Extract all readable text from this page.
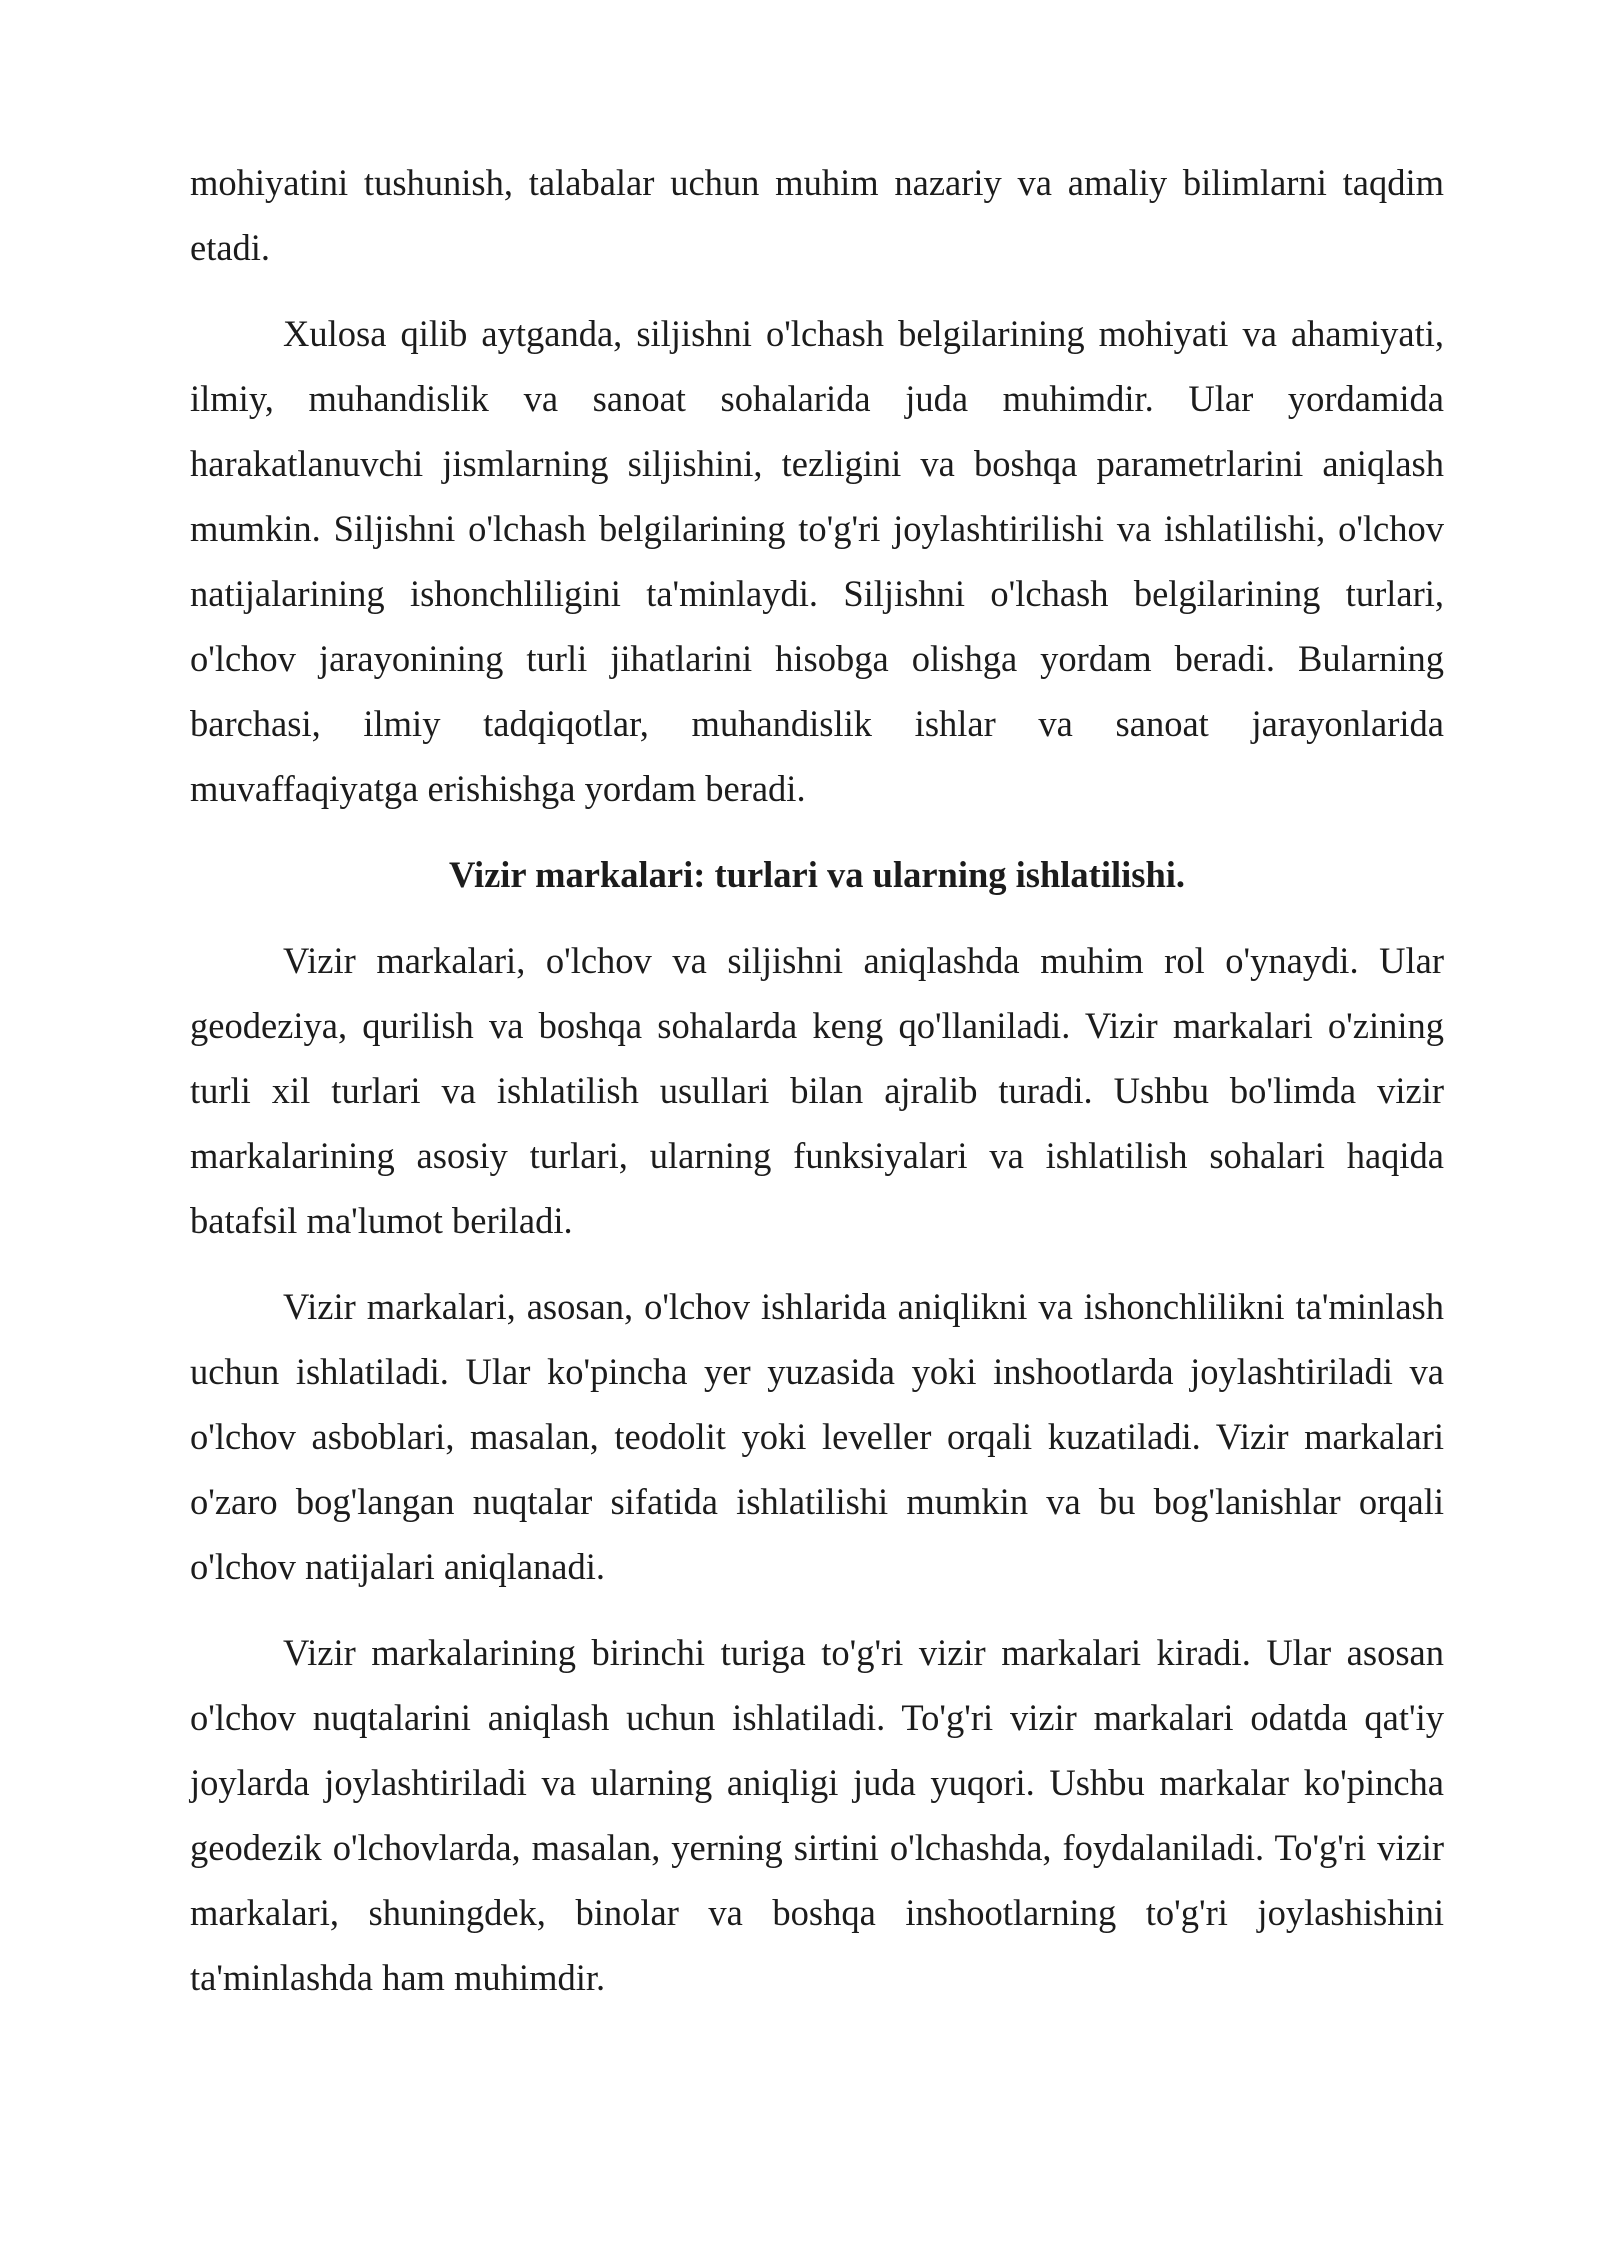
mohiyatini tushunish, talabalar uchun muhim nazariy va amaliy bilimlarni taqdim etadi.

Xulosa qilib aytganda, siljishni o'lchash belgilarining mohiyati va ahamiyati, ilmiy, muhandislik va sanoat sohalarida juda muhimdir. Ular yordamida harakatlanuvchi jismlarning siljishini, tezligini va boshqa parametrlarini aniqlash mumkin. Siljishni o'lchash belgilarining to'g'ri joylashtirilishi va ishlatilishi, o'lchov natijalarining ishonchliligini ta'minlaydi. Siljishni o'lchash belgilarining turlari, o'lchov jarayonining turli jihatlarini hisobga olishga yordam beradi. Bularning barchasi, ilmiy tadqiqotlar, muhandislik ishlar va sanoat jarayonlarida muvaffaqiyatga erishishga yordam beradi.

Vizir markalari: turlari va ularning ishlatilishi.

Vizir markalari, o'lchov va siljishni aniqlashda muhim rol o'ynaydi. Ular geodeziya, qurilish va boshqa sohalarda keng qo'llaniladi. Vizir markalari o'zining turli xil turlari va ishlatilish usullari bilan ajralib turadi. Ushbu bo'limda vizir markalarining asosiy turlari, ularning funksiyalari va ishlatilish sohalari haqida batafsil ma'lumot beriladi.

Vizir markalari, asosan, o'lchov ishlarida aniqlikni va ishonchlilikni ta'minlash uchun ishlatiladi. Ular ko'pincha yer yuzasida yoki inshootlarda joylashtiriladi va o'lchov asboblari, masalan, teodolit yoki leveller orqali kuzatiladi. Vizir markalari o'zaro bog'langan nuqtalar sifatida ishlatilishi mumkin va bu bog'lanishlar orqali o'lchov natijalari aniqlanadi.

Vizir markalarining birinchi turiga to'g'ri vizir markalari kiradi. Ular asosan o'lchov nuqtalarini aniqlash uchun ishlatiladi. To'g'ri vizir markalari odatda qat'iy joylarda joylashtiriladi va ularning aniqligi juda yuqori. Ushbu markalar ko'pincha geodezik o'lchovlarda, masalan, yerning sirtini o'lchashda, foydalaniladi. To'g'ri vizir markalari, shuningdek, binolar va boshqa inshootlarning to'g'ri joylashishini ta'minlashda ham muhimdir.
